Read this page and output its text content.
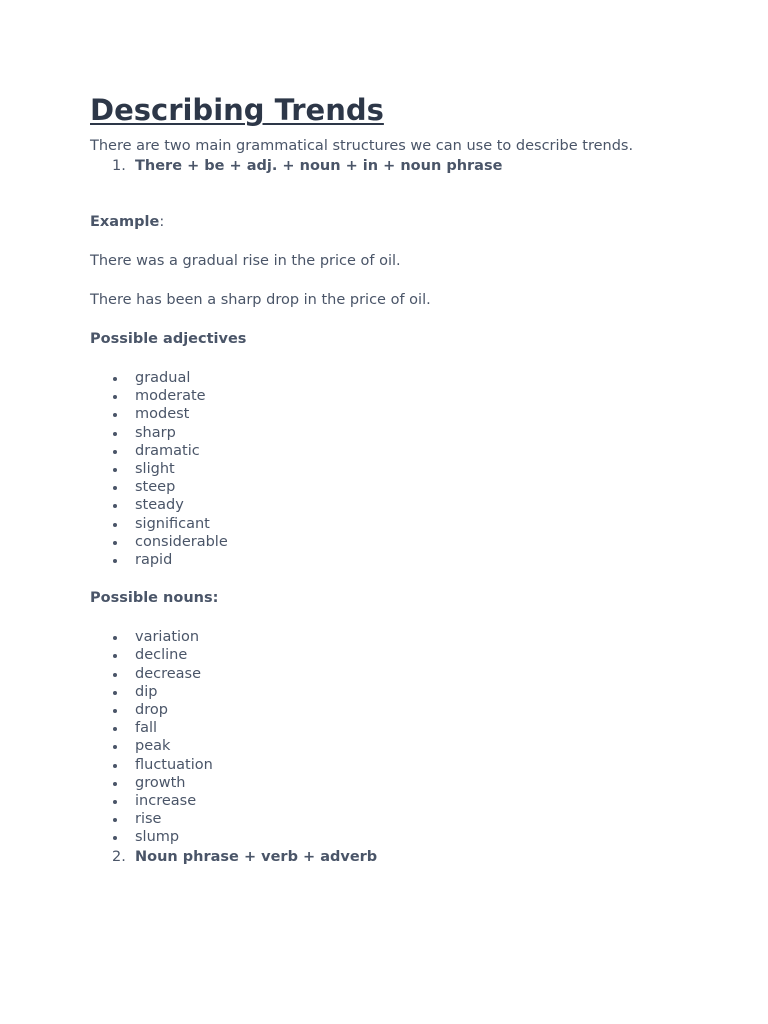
Describing Trends

There are two main grammatical structures we can use to describe trends.

1. There + be + adj. + noun + in + noun phrase

Example:

There was a gradual rise in the price of oil.

There has been a sharp drop in the price of oil.

Possible adjectives

gradual
moderate
modest
sharp
dramatic
slight
steep
steady
significant
considerable
rapid

Possible nouns:

variation
decline
decrease
dip
drop
fall
peak
fluctuation
growth
increase
rise
slump
2. Noun phrase + verb + adverb
